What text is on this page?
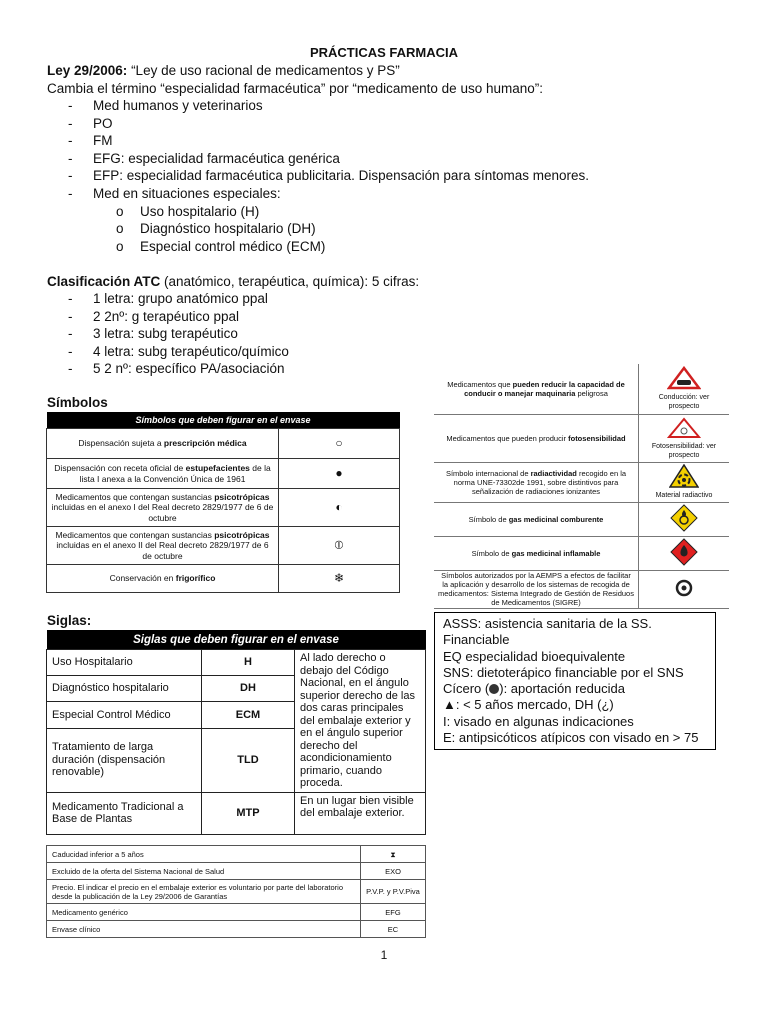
PRÁCTICAS FARMACIA
Ley 29/2006: “Ley de uso racional de medicamentos y PS”
Cambia el término “especialidad farmacéutica” por “medicamento de uso humano”:
- Med humanos y veterinarios
- PO
- FM
- EFG: especialidad farmacéutica genérica
- EFP: especialidad farmacéutica publicitaria. Dispensación para síntomas menores.
- Med en situaciones especiales:
o Uso hospitalario (H)
o Diagnóstico hospitalario (DH)
o Especial control médico (ECM)
Clasificación ATC (anatómico, terapéutica, química): 5 cifras:
- 1 letra: grupo anatómico ppal
- 2 2nº: g terapéutico ppal
- 3 letra: subg terapéutico
- 4 letra: subg terapéutico/químico
- 5 2 nº: específico PA/asociación
Símbolos
Símbolos que deben figurar en el envase	
Dispensación sujeta a prescripción médica	○
Dispensación con receta oficial de estupefacientes de la lista I anexa a la Convención Única de 1961	●
Medicamentos que contengan sustancias psicotrópicas incluidas en el anexo I del Real decreto 2829/1977 de 6 de octubre	◐
Medicamentos que contengan sustancias psicotrópicas incluidas en el anexo II del Real decreto 2829/1977 de 6 de octubre	⦶
Conservación en frigorífico	❄
Siglas:
Siglas que deben figurar en el envase		
Uso Hospitalario	H	Al lado derecho o debajo del Código Nacional, en el ángulo superior derecho de las dos caras principales del embalaje exterior y en el ángulo superior derecho del acondicionamiento primario, cuando proceda.
Diagnóstico hospitalario	DH	
Especial Control Médico	ECM	
Tratamiento de larga duración (dispensación renovable)	TLD	
Medicamento Tradicional a Base de Plantas	MTP	En un lugar bien visible del embalaje exterior.
Caducidad inferior a 5 años	⧗
Excluido de la oferta del Sistema Nacional de Salud	EXO
Precio. El indicar el precio en el embalaje exterior es voluntario por parte del laboratorio desde la publicación de la Ley 29/2006 de Garantías	P.V.P. y P.V.Piva
Medicamento genérico	EFG
Envase clínico	EC
Medicamentos que pueden reducir la capacidad de conducir o manejar maquinaria peligrosa	Conducción: ver prospecto
Medicamentos que pueden producir fotosensibilidad	Fotosensibilidad: ver prospecto
Símbolo internacional de radiactividad recogido en la norma UNE-73302de 1991, sobre distintivos para señalización de radiaciones ionizantes	Material radiactivo
Símbolo de gas medicinal comburente	
Símbolo de gas medicinal inflamable	
Símbolos autorizados por la AEMPS a efectos de facilitar la aplicación y desarrollo de los sistemas de recogida de medicamentos: Sistema Integrado de Gestión de Residuos de Medicamentos (SIGRE)	
ASSS: asistencia sanitaria de la SS. Financiable
EQ especialidad bioequivalente
SNS: dietoterápico financiable por el SNS
Cícero ( ): aportación reducida
▲: < 5 años mercado, DH (¿)
I: visado en algunas indicaciones
E: antipsicóticos atípicos con visado en > 75
1
